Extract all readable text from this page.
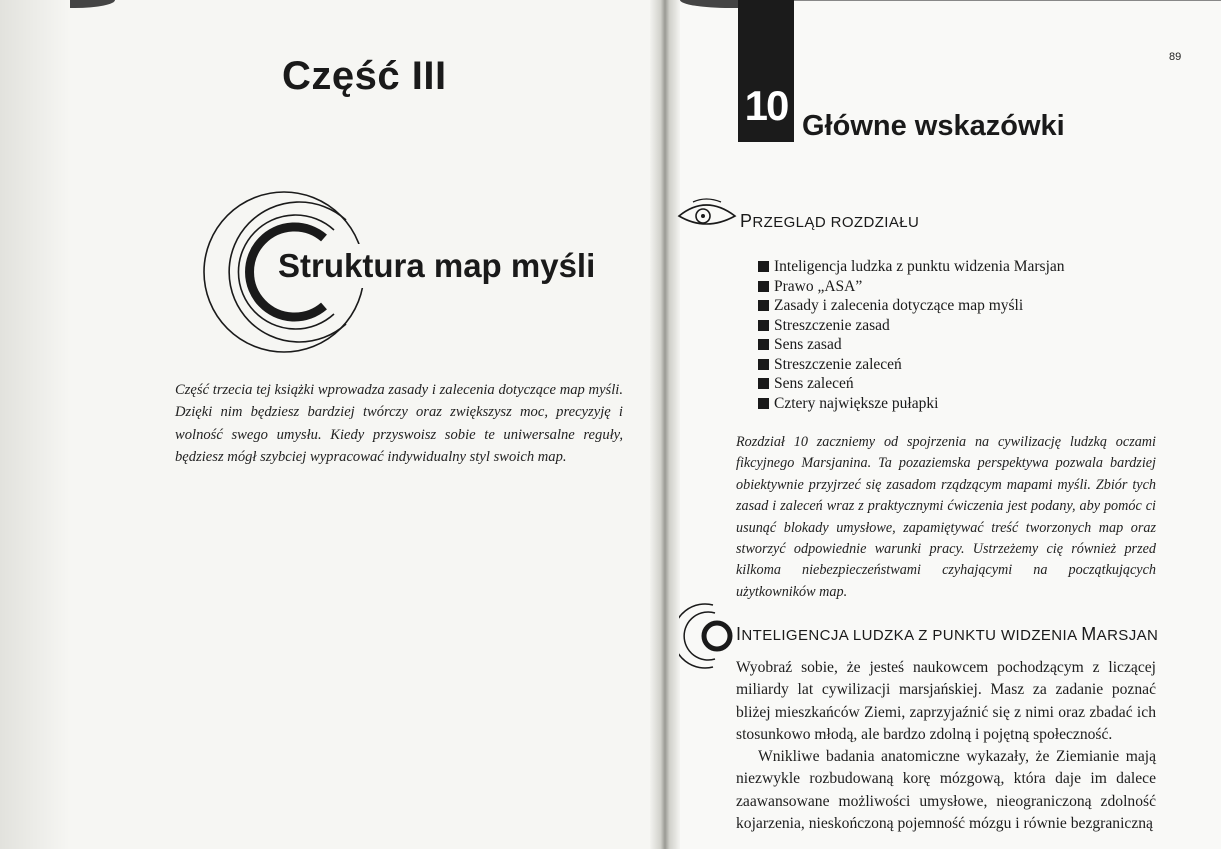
Część III
Struktura map myśli

Część trzecia tej książki wprowadza zasady i zalecenia dotyczące map myśli. Dzięki nim będziesz bardziej twórczy oraz zwiększysz moc, precyzyję i wolność swego umysłu. Kiedy przyswoisz sobie te uniwersalne reguły, będziesz mógł szybciej wypracować indywidualny styl swoich map.

89
10 Główne wskazówki
PRZEGLĄD ROZDZIAŁU
Inteligencja ludzka z punktu widzenia Marsjan
Prawo „ASA”
Zasady i zalecenia dotyczące map myśli
Streszczenie zasad
Sens zasad
Streszczenie zaleceń
Sens zaleceń
Cztery największe pułapki

Rozdział 10 zaczniemy od spojrzenia na cywilizację ludzką oczami fikcyjnego Marsjanina. Ta pozaziemska perspektywa pozwala bardziej obiektywnie przyjrzeć się zasadom rządzącym mapami myśli. Zbiór tych zasad i zaleceń wraz z praktycznymi ćwiczenia jest podany, aby pomóc ci usunąć blokady umysłowe, zapamiętywać treść tworzonych map oraz stworzyć odpowiednie warunki pracy. Ustrzeżemy cię również przed kilkoma niebezpieczeństwami czyhającymi na początkujących użytkowników map.

INTELIGENCJA LUDZKA Z PUNKTU WIDZENIA MARSJAN

Wyobraź sobie, że jesteś naukowcem pochodzącym z liczącej miliardy lat cywilizacji marsjańskiej. Masz za zadanie poznać bliżej mieszkańców Ziemi, zaprzyjaźnić się z nimi oraz zbadać ich stosunkowo młodą, ale bardzo zdolną i pojętną społeczność.

Wnikliwe badania anatomiczne wykazały, że Ziemianie mają niezwykle rozbudowaną korę mózgową, która daje im dalece zaawansowane możliwości umysłowe, nieograniczoną zdolność kojarzenia, nieskończoną pojemność mózgu i równie bezgraniczną
